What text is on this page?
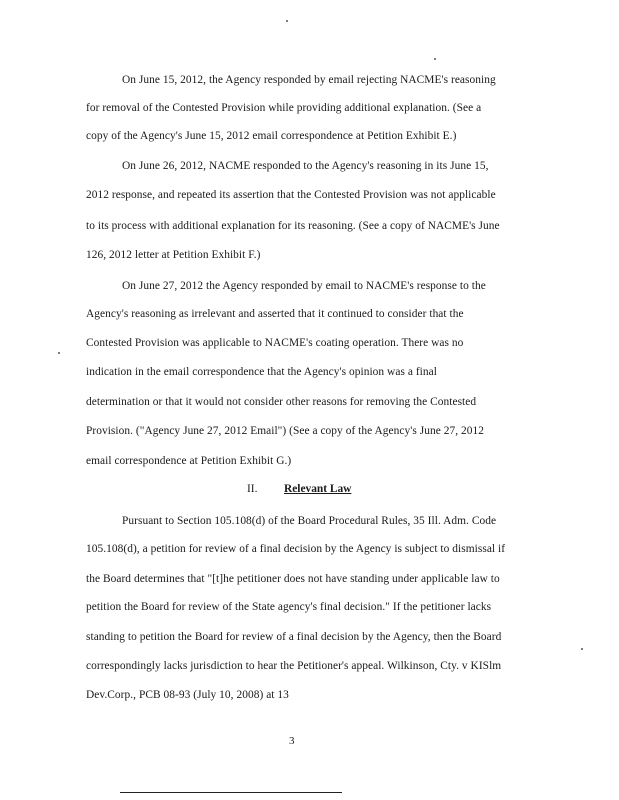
On June 15, 2012, the Agency responded by email rejecting NACME's reasoning

for removal of the Contested Provision while providing additional explanation. (See a

copy of the Agency's June 15, 2012 email correspondence at Petition Exhibit E.)

On June 26, 2012, NACME responded to the Agency's reasoning in its June 15,

2012 response, and repeated its assertion that the Contested Provision was not applicable

to its process with additional explanation for its reasoning. (See a copy of NACME's June

126, 2012 letter at Petition Exhibit F.)

On June 27, 2012 the Agency responded by email to NACME's response to the

Agency's reasoning as irrelevant and asserted that it continued to consider that the

Contested Provision was applicable to NACME's coating operation. There was no

indication in the email correspondence that the Agency's opinion was a final

determination or that it would not consider other reasons for removing the Contested

Provision. ("Agency June 27, 2012 Email") (See a copy of the Agency's June 27, 2012

email correspondence at Petition Exhibit G.)

II. Relevant Law

Pursuant to Section 105.108(d) of the Board Procedural Rules, 35 Ill. Adm. Code

105.108(d), a petition for review of a final decision by the Agency is subject to dismissal if

the Board determines that "[t]he petitioner does not have standing under applicable law to

petition the Board for review of the State agency's final decision." If the petitioner lacks

standing to petition the Board for review of a final decision by the Agency, then the Board

correspondingly lacks jurisdiction to hear the Petitioner's appeal. Wilkinson, Cty. v KISlm

Dev.Corp., PCB 08-93 (July 10, 2008) at 13

3
